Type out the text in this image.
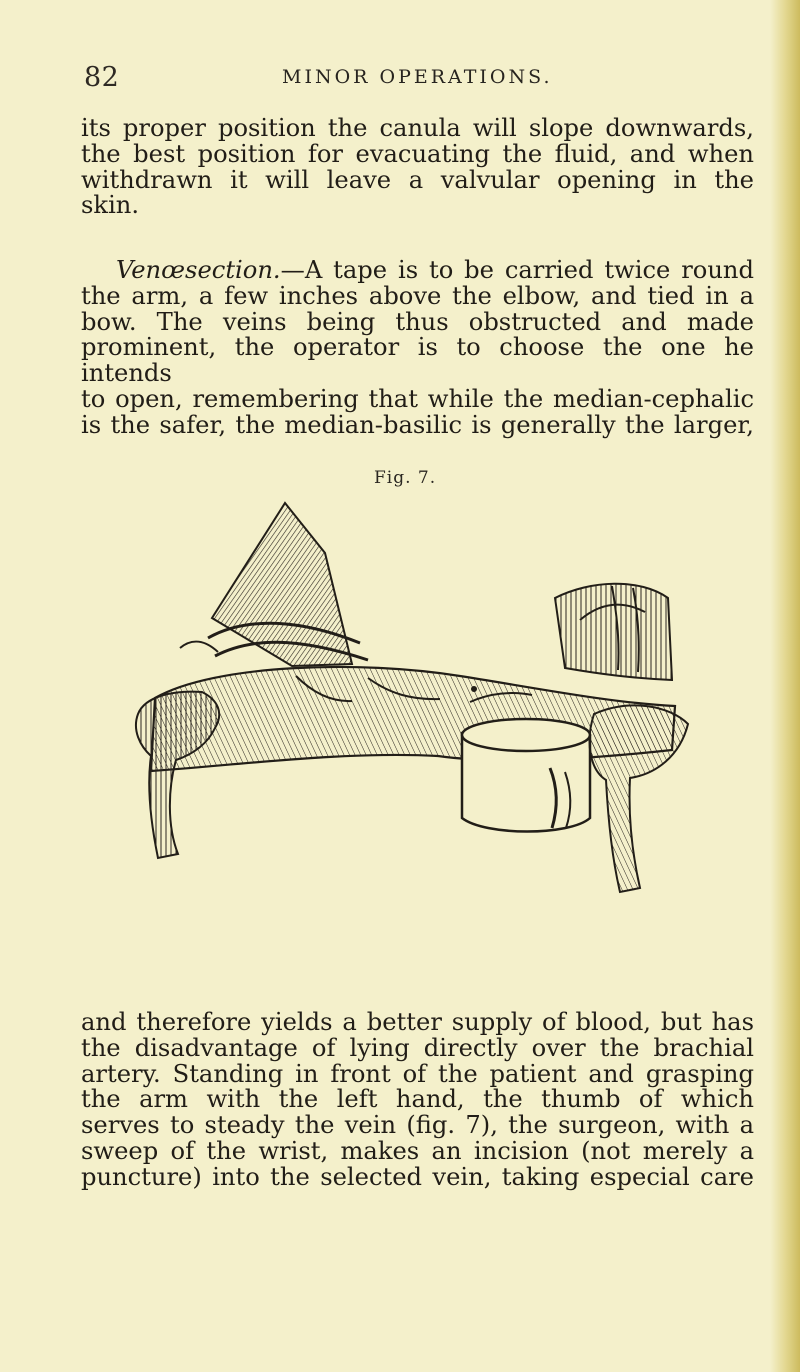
82	MINOR OPERATIONS.
its proper position the canula will slope downwards,
the best position for evacuating the fluid, and when
withdrawn it will leave a valvular opening in the
skin.
Venœsection.—A tape is to be carried twice round
the arm, a few inches above the elbow, and tied in a
bow. The veins being thus obstructed and made
prominent, the operator is to choose the one he intends
to open, remembering that while the median-cephalic
is the safer, the median-basilic is generally the larger,
Fig. 7.
and therefore yields a better supply of blood, but has
the disadvantage of lying directly over the brachial
artery. Standing in front of the patient and grasping
the arm with the left hand, the thumb of which
serves to steady the vein (fig. 7), the surgeon, with a
sweep of the wrist, makes an incision (not merely a
puncture) into the selected vein, taking especial care
